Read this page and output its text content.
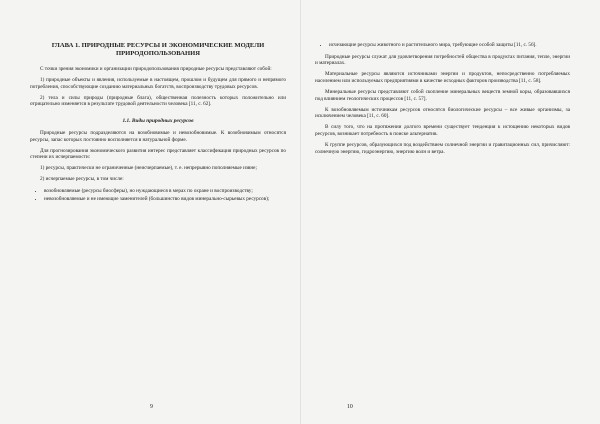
ГЛАВА 1. ПРИРОДНЫЕ РЕСУРСЫ И ЭКОНОМИЧЕСКИЕ МОДЕЛИ ПРИРОДОПОЛЬЗОВАНИЯ

С точки зрения экономики и организации природопользования природные ресурсы представляют собой:

1) природные объекты и явления, используемые в настоящем, прошлом и будущем для прямого и непрямого потребления, способствующие созданию материальных богатств, воспроизводству трудовых ресурсов.

2) тела и силы природы (природные блага), общественная полезность которых положительно или отрицательно изменяется в результате трудовой деятельности человека [11, с. 62].

1.1. Виды природных ресурсов

Природные ресурсы подразделяются на возобновимые и невозобновимые. К возобновимым относятся ресурсы, запас которых постоянно восполняется в натуральной форме.

Для прогнозирования экономического развития интерес представляет классификация природных ресурсов по степени их исчерпаемости:

1) ресурсы, практически не ограниченные (неисчерпаемые), т. е. непрерывно пополняемые извне;

2) исчерпаемые ресурсы, в том числе:

• возобновляемые (ресурсы биосферы), но нуждающиеся в мерах по охране и воспроизводству;
• невозобновляемые и не имеющие заменителей (большинство видов минерально-сырьевых ресурсов);
9
• исчезающие ресурсы животного и растительного мира, требующие особой защиты [11, с. 56].

Природные ресурсы служат для удовлетворения потребностей общества в продуктах питания, тепле, энергии и материалах.

Материальные ресурсы являются источниками энергии и продуктов, непосредственно потребляемых населением или используемых предприятиями в качестве исходных факторов производства [11, с. 58].

Минеральные ресурсы представляют собой скопление минеральных веществ земной коры, образовавшихся под влиянием геологических процессов [11, с. 57].

К возобновляемым источникам ресурсов относятся биологические ресурсы – все живые организмы, за исключением человека [11, с. 60].

В силу того, что на протяжении долгого времени существует тенденция к истощению некоторых видов ресурсов, возникает потребность в поиске альтернатив.

К группе ресурсов, образующихся под воздействием солнечной энергии и гравитационных сил, причисляют: солнечную энергию, гидроэнергию, энергию волн и ветра.

10
